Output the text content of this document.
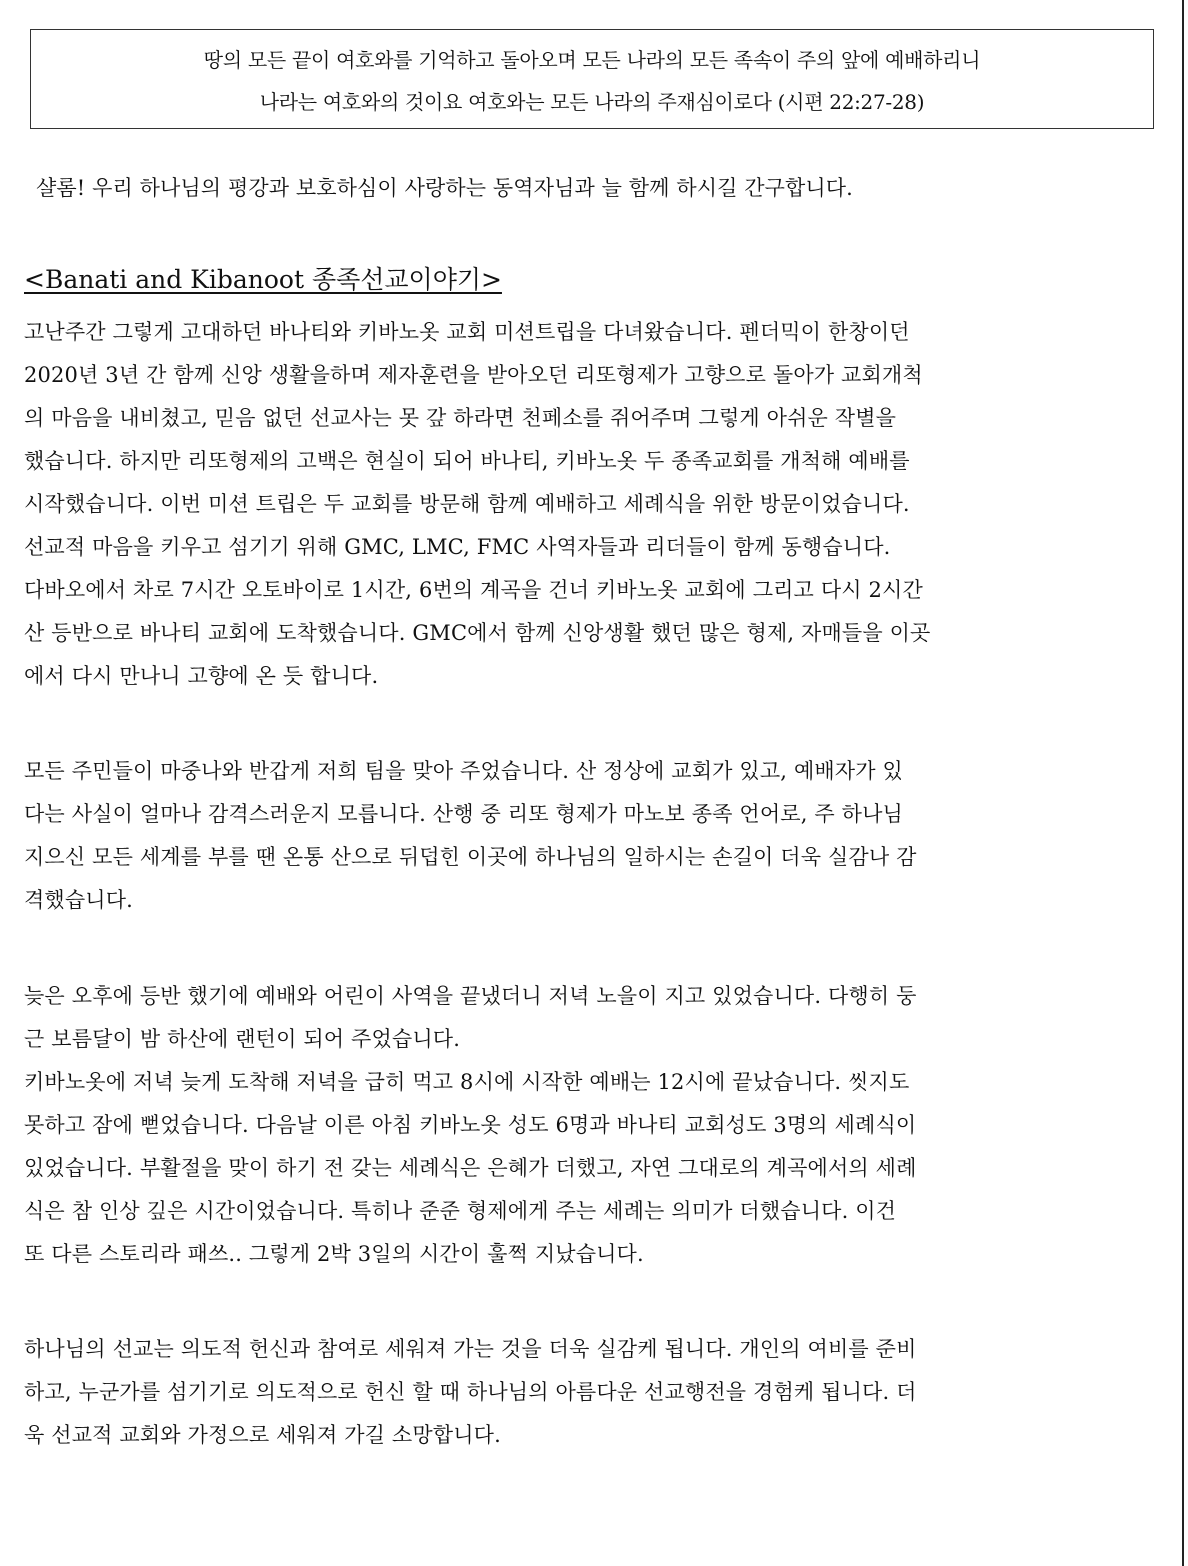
땅의 모든 끝이 여호와를 기억하고 돌아오며 모든 나라의 모든 족속이 주의 앞에 예배하리니
나라는 여호와의 것이요 여호와는 모든 나라의 주재심이로다 (시편 22:27-28)
샬롬! 우리 하나님의 평강과 보호하심이 사랑하는 동역자님과 늘 함께 하시길 간구합니다.
<Banati and Kibanoot 종족선교이야기>
고난주간 그렇게 고대하던 바나티와 키바노옷 교회 미션트립을 다녀왔습니다. 펜더믹이 한창이던
2020년 3년 간 함께 신앙 생활을하며 제자훈련을 받아오던 리또형제가 고향으로 돌아가 교회개척
의 마음을 내비쳤고, 믿음 없던 선교사는 못 갚 하라면 천페소를 쥐어주며 그렇게 아쉬운 작별을
했습니다. 하지만 리또형제의 고백은 현실이 되어 바나티, 키바노옷 두 종족교회를 개척해 예배를
시작했습니다. 이번 미션 트립은 두 교회를 방문해 함께 예배하고 세례식을 위한 방문이었습니다.
선교적 마음을 키우고 섬기기 위해 GMC, LMC, FMC 사역자들과 리더들이 함께 동행습니다.
다바오에서 차로 7시간 오토바이로 1시간, 6번의 계곡을 건너 키바노옷 교회에 그리고 다시 2시간
산 등반으로 바나티 교회에 도착했습니다. GMC에서 함께 신앙생활 했던 많은 형제, 자매들을 이곳
에서 다시 만나니 고향에 온 듯 합니다.
모든 주민들이 마중나와 반갑게 저희 팀을 맞아 주었습니다. 산 정상에 교회가 있고, 예배자가 있
다는 사실이 얼마나 감격스러운지 모릅니다. 산행 중 리또 형제가 마노보 종족 언어로, 주 하나님
지으신 모든 세계를 부를 땐 온통 산으로 뒤덥힌 이곳에 하나님의 일하시는 손길이 더욱 실감나 감
격했습니다.
늦은 오후에 등반 했기에 예배와 어린이 사역을 끝냈더니 저녁 노을이 지고 있었습니다. 다행히 둥
근 보름달이 밤 하산에 랜턴이 되어 주었습니다.
키바노옷에 저녁 늦게 도착해 저녁을 급히 먹고 8시에 시작한 예배는 12시에 끝났습니다. 씻지도
못하고 잠에 뻗었습니다. 다음날 이른 아침 키바노옷 성도 6명과 바나티 교회성도 3명의 세례식이
있었습니다. 부활절을 맞이 하기 전 갖는 세례식은 은혜가 더했고, 자연 그대로의 계곡에서의 세례
식은 참 인상 깊은 시간이었습니다. 특히나 준준 형제에게 주는 세례는 의미가 더했습니다. 이건
또 다른 스토리라 패쓰.. 그렇게 2박 3일의 시간이 훌쩍 지났습니다.
하나님의 선교는 의도적 헌신과 참여로 세워져 가는 것을 더욱 실감케 됩니다. 개인의 여비를 준비
하고, 누군가를 섬기기로 의도적으로 헌신 할 때 하나님의 아름다운 선교행전을 경험케 됩니다. 더
욱 선교적 교회와 가정으로 세워져 가길 소망합니다.
